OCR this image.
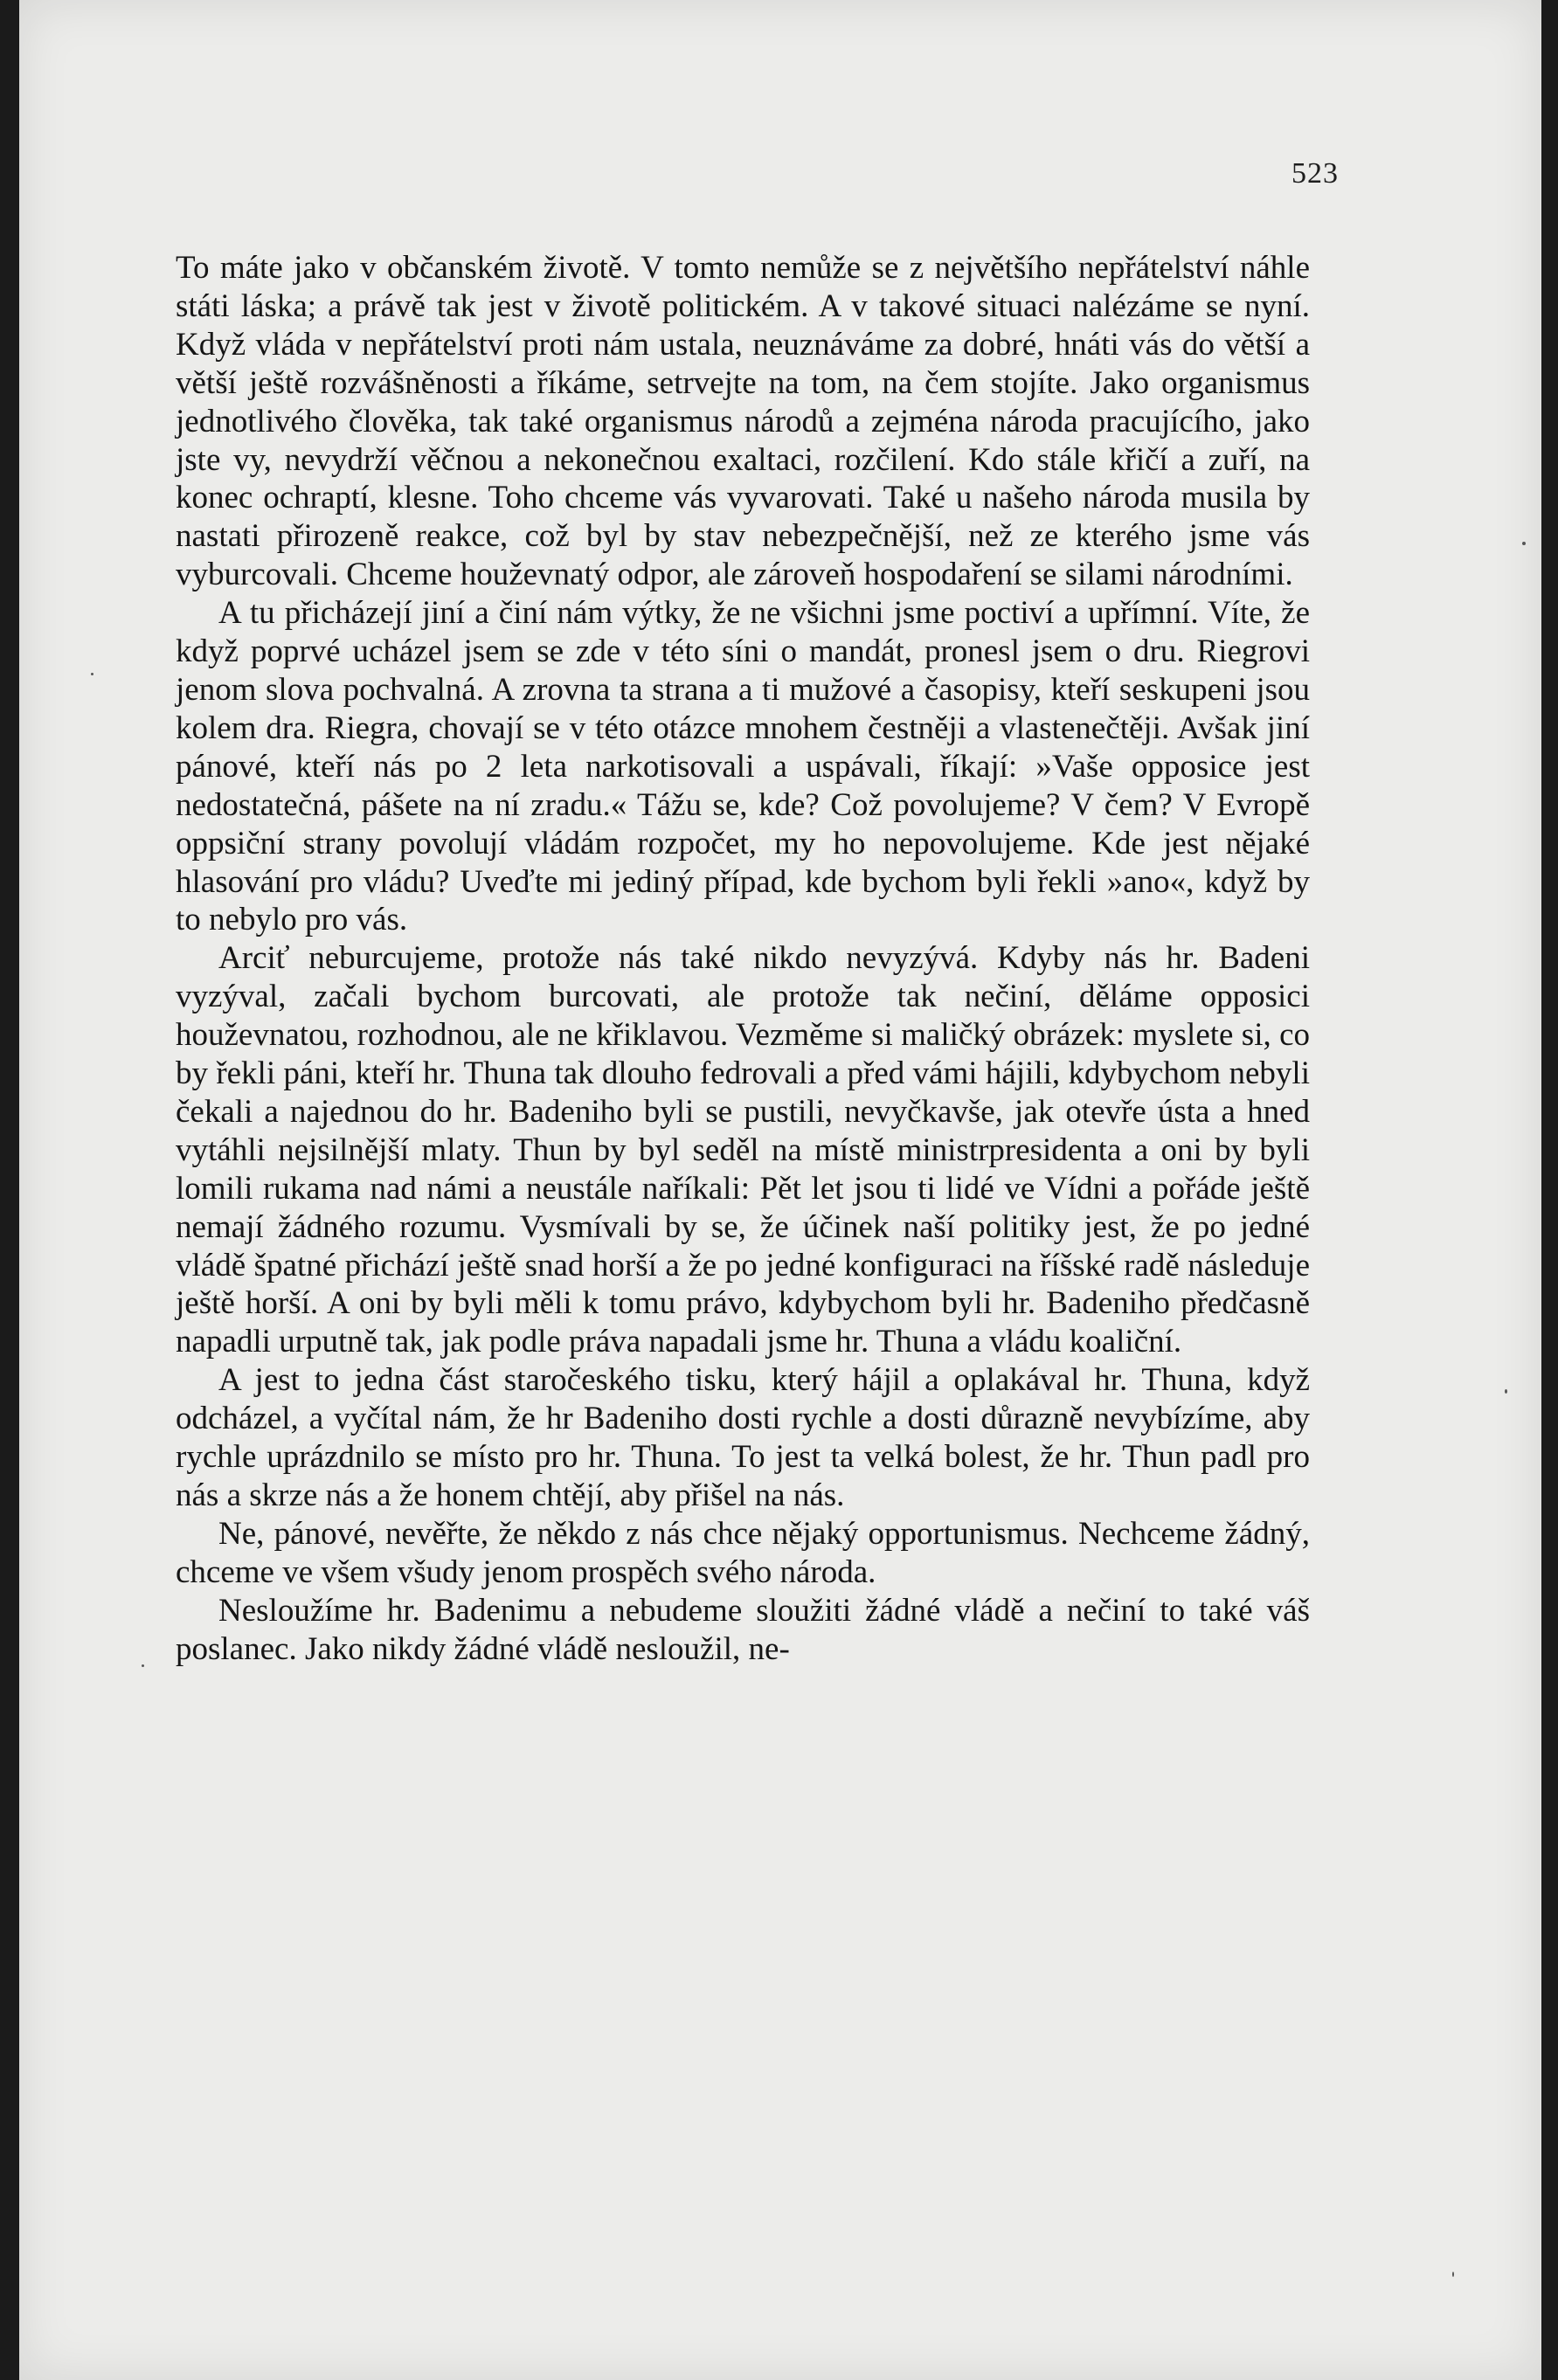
523

To máte jako v občanském životě. V tomto nemůže se z největšího nepřátelství náhle státi láska; a právě tak jest v životě politickém. A v takové situaci nalézáme se nyní. Když vláda v nepřátelství proti nám ustala, neuznáváme za dobré, hnáti vás do větší a větší ještě rozvášněnosti a říkáme, setrvejte na tom, na čem stojíte. Jako organismus jednotlivého člověka, tak také organismus národů a zejména národa pracujícího, jako jste vy, nevydrží věčnou a nekonečnou exaltaci, rozčilení. Kdo stále křičí a zuří, na konec ochraptí, klesne. Toho chceme vás vyvarovati. Také u našeho národa musila by nastati přirozeně reakce, což byl by stav nebezpečnější, než ze kterého jsme vás vyburcovali. Chceme houževnatý odpor, ale zároveň hospodaření se silami národními.

A tu přicházejí jiní a činí nám výtky, že ne všichni jsme poctiví a upřímní. Víte, že když poprvé ucházel jsem se zde v této síni o mandát, pronesl jsem o dru. Riegrovi jenom slova pochvalná. A zrovna ta strana a ti mužové a časopisy, kteří seskupeni jsou kolem dra. Riegra, chovají se v této otázce mnohem čestněji a vlastenečtěji. Avšak jiní pánové, kteří nás po 2 leta narkotisovali a uspávali, říkají: »Vaše opposice jest nedostatečná, pášete na ní zradu.« Tážu se, kde? Což povolujeme? V čem? V Evropě oppsiční strany povolují vládám rozpočet, my ho nepovolujeme. Kde jest nějaké hlasování pro vládu? Uveďte mi jediný případ, kde bychom byli řekli »ano«, když by to nebylo pro vás.

Arciť neburcujeme, protože nás také nikdo nevyzývá. Kdyby nás hr. Badeni vyzýval, začali bychom burcovati, ale protože tak nečiní, děláme opposici houževnatou, rozhodnou, ale ne křiklavou. Vezměme si maličký obrázek: myslete si, co by řekli páni, kteří hr. Thuna tak dlouho fedrovali a před vámi hájili, kdybychom nebyli čekali a najednou do hr. Badeniho byli se pustili, nevyčkavše, jak otevře ústa a hned vytáhli nejsilnější mlaty. Thun by byl seděl na místě ministrpresidenta a oni by byli lomili rukama nad námi a neustále naříkali: Pět let jsou ti lidé ve Vídni a pořáde ještě nemají žádného rozumu. Vysmívali by se, že účinek naší politiky jest, že po jedné vládě špatné přichází ještě snad horší a že po jedné konfiguraci na říšské radě následuje ještě horší. A oni by byli měli k tomu právo, kdybychom byli hr. Badeniho předčasně napadli urputně tak, jak podle práva napadali jsme hr. Thuna a vládu koaliční.

A jest to jedna část staročeského tisku, který hájil a oplakával hr. Thuna, když odcházel, a vyčítal nám, že hr Badeniho dosti rychle a dosti důrazně nevybízíme, aby rychle uprázdnilo se místo pro hr. Thuna. To jest ta velká bolest, že hr. Thun padl pro nás a skrze nás a že honem chtějí, aby přišel na nás.

Ne, pánové, nevěřte, že někdo z nás chce nějaký opportunismus. Nechceme žádný, chceme ve všem všudy jenom prospěch svého národa.

Nesloužíme hr. Badenimu a nebudeme sloužiti žádné vládě a nečiní to také váš poslanec. Jako nikdy žádné vládě nesloužil, ne-
